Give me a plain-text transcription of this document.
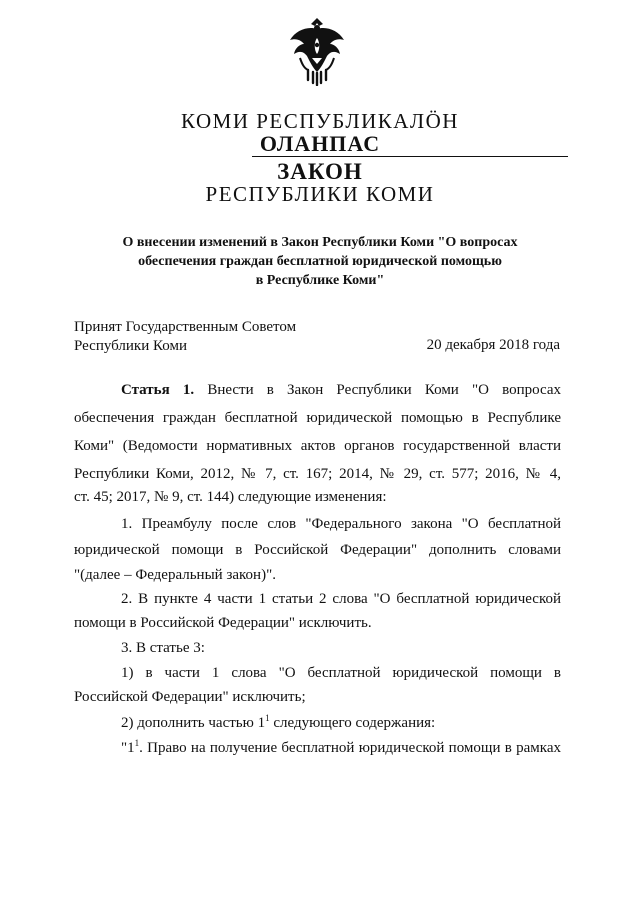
КОМИ РЕСПУБЛИКАЛÖН
ОЛАНПАС
ЗАКОН
РЕСПУБЛИКИ КОМИ
О внесении изменений в Закон Республики Коми "О вопросах
обеспечения граждан бесплатной юридической помощью
в Республике Коми"
Принят Государственным Советом
Республики Коми	20 декабря 2018 года
Статья 1. Внести в Закон Республики Коми "О вопросах
обеспечения граждан бесплатной юридической помощью в Республике
Коми" (Ведомости нормативных актов органов государственной власти
Республики Коми, 2012, № 7, ст. 167; 2014, № 29, ст. 577; 2016, № 4,
ст. 45; 2017, № 9, ст. 144) следующие изменения:
1. Преамбулу после слов "Федерального закона "О бесплатной
юридической помощи в Российской Федерации" дополнить словами
"(далее – Федеральный закон)".
2. В пункте 4 части 1 статьи 2 слова "О бесплатной юридической
помощи в Российской Федерации" исключить.
3. В статье 3:
1) в части 1 слова "О бесплатной юридической помощи в
Российской Федерации" исключить;
2) дополнить частью $1^1$ следующего содержания:
"$1^1$. Право на получение бесплатной юридической помощи в рамках
